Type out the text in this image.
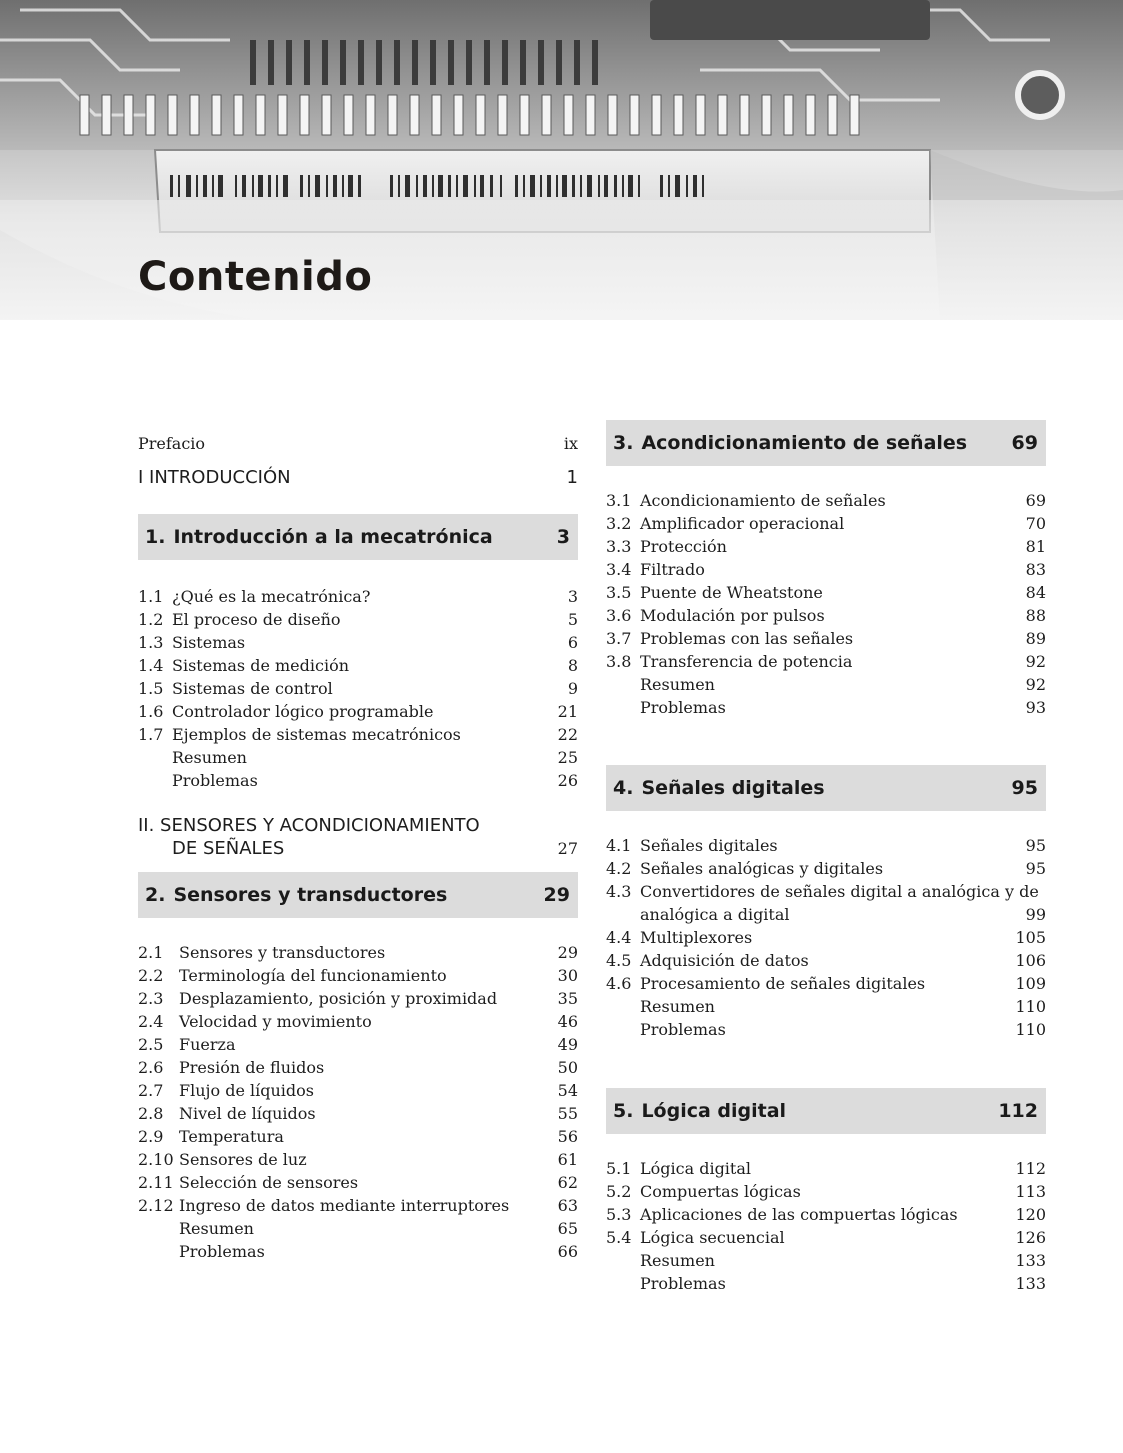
Contenido
Prefacio	ix
I INTRODUCCIÓN	1
1. Introducción a la mecatrónica	3
1.1 ¿Qué es la mecatrónica?	3
1.2 El proceso de diseño	5
1.3 Sistemas	6
1.4 Sistemas de medición	8
1.5 Sistemas de control	9
1.6 Controlador lógico programable	21
1.7 Ejemplos de sistemas mecatrónicos	22
Resumen	25
Problemas	26
II. SENSORES Y ACONDICIONAMIENTO
DE SEÑALES	27
2. Sensores y transductores	29
2.1 Sensores y transductores	29
2.2 Terminología del funcionamiento	30
2.3 Desplazamiento, posición y proximidad	35
2.4 Velocidad y movimiento	46
2.5 Fuerza	49
2.6 Presión de fluidos	50
2.7 Flujo de líquidos	54
2.8 Nivel de líquidos	55
2.9 Temperatura	56
2.10 Sensores de luz	61
2.11 Selección de sensores	62
2.12 Ingreso de datos mediante interruptores	63
Resumen	65
Problemas	66
3. Acondicionamiento de señales 69
3.1 Acondicionamiento de señales	69
3.2 Amplificador operacional	70
3.3 Protección	81
3.4 Filtrado	83
3.5 Puente de Wheatstone	84
3.6 Modulación por pulsos	88
3.7 Problemas con las señales	89
3.8 Transferencia de potencia	92
Resumen	92
Problemas	93
4. Señales digitales	95
4.1 Señales digitales	95
4.2 Señales analógicas y digitales	95
4.3 Convertidores de señales digital a analógica y de
analógica a digital	99
4.4 Multiplexores	105
4.5 Adquisición de datos	106
4.6 Procesamiento de señales digitales	109
Resumen	110
Problemas	110
5. Lógica digital	112
5.1 Lógica digital	112
5.2 Compuertas lógicas	113
5.3 Aplicaciones de las compuertas lógicas	120
5.4 Lógica secuencial	126
Resumen	133
Problemas	133
